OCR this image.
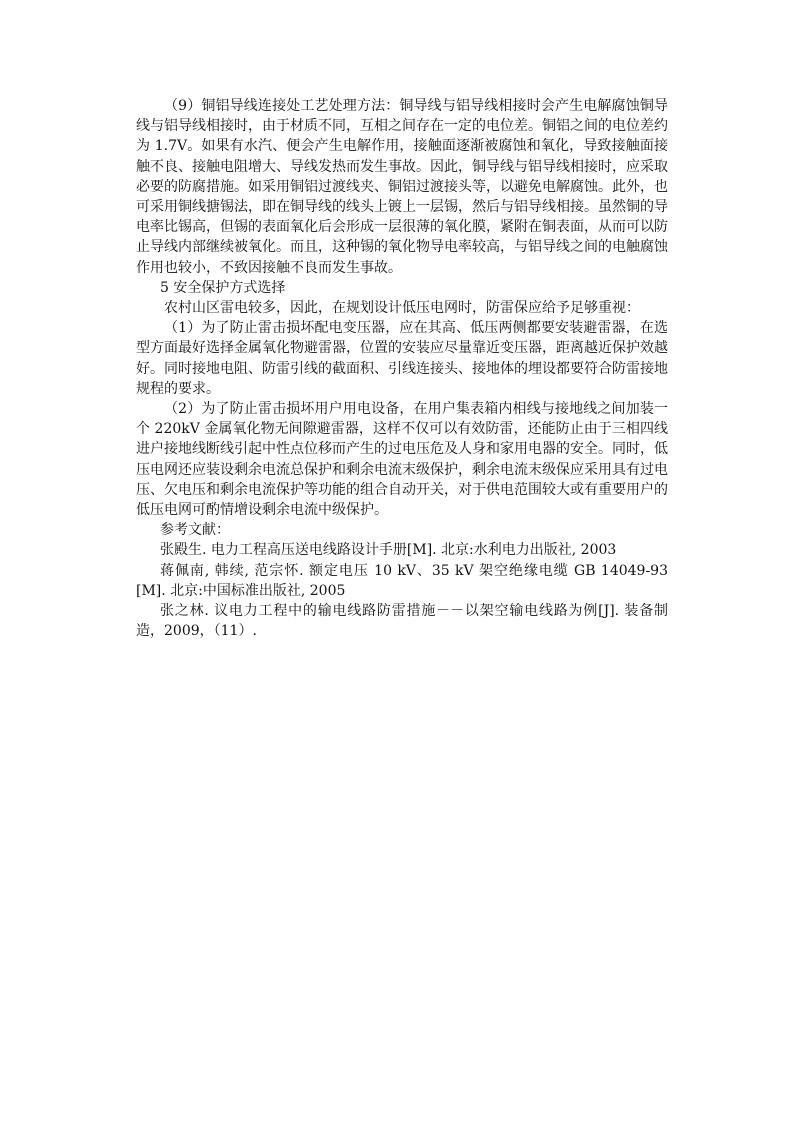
（9）铜铝导线连接处工艺处理方法：铜导线与铝导线相接时会产生电解腐蚀铜导线与铝导线相接时，由于材质不同，互相之间存在一定的电位差。铜铝之间的电位差约为 1.7V。如果有水汽、便会产生电解作用，接触面逐渐被腐蚀和氧化，导致接触面接触不良、接触电阻增大、导线发热而发生事故。因此，铜导线与铝导线相接时，应采取必要的防腐措施。如采用铜铝过渡线夹、铜铝过渡接头等，以避免电解腐蚀。此外，也可采用铜线搪锡法，即在铜导线的线头上镀上一层锡，然后与铝导线相接。虽然铜的导电率比锡高，但锡的表面氧化后会形成一层很薄的氧化膜，紧附在铜表面，从而可以防止导线内部继续被氧化。而且，这种锡的氧化物导电率较高，与铝导线之间的电触腐蚀作用也较小，不致因接触不良而发生事故。

5 安全保护方式选择

农村山区雷电较多，因此，在规划设计低压电网时，防雷保应给予足够重视：

（1）为了防止雷击损坏配电变压器，应在其高、低压两侧都要安装避雷器，在选型方面最好选择金属氧化物避雷器，位置的安装应尽量靠近变压器，距离越近保护效越好。同时接地电阻、防雷引线的截面积、引线连接头、接地体的埋设都要符合防雷接地规程的要求。

（2）为了防止雷击损坏用户用电设备，在用户集表箱内相线与接地线之间加装一个 220kV 金属氧化物无间隙避雷器，这样不仅可以有效防雷，还能防止由于三相四线进户接地线断线引起中性点位移而产生的过电压危及人身和家用电器的安全。同时，低压电网还应装设剩余电流总保护和剩余电流末级保护，剩余电流末级保应采用具有过电压、欠电压和剩余电流保护等功能的组合自动开关，对于供电范围较大或有重要用户的低压电网可酌情增设剩余电流中级保护。

参考文献：

张殿生. 电力工程高压送电线路设计手册[M]. 北京:水利电力出版社, 2003

蒋佩南, 韩续, 范宗怀. 额定电压 10 kV、35 kV 架空绝缘电缆 GB 14049-93 [M]. 北京:中国标准出版社, 2005

张之林. 议电力工程中的输电线路防雷措施－－以架空输电线路为例[J]. 装备制造，2009，（11）.
